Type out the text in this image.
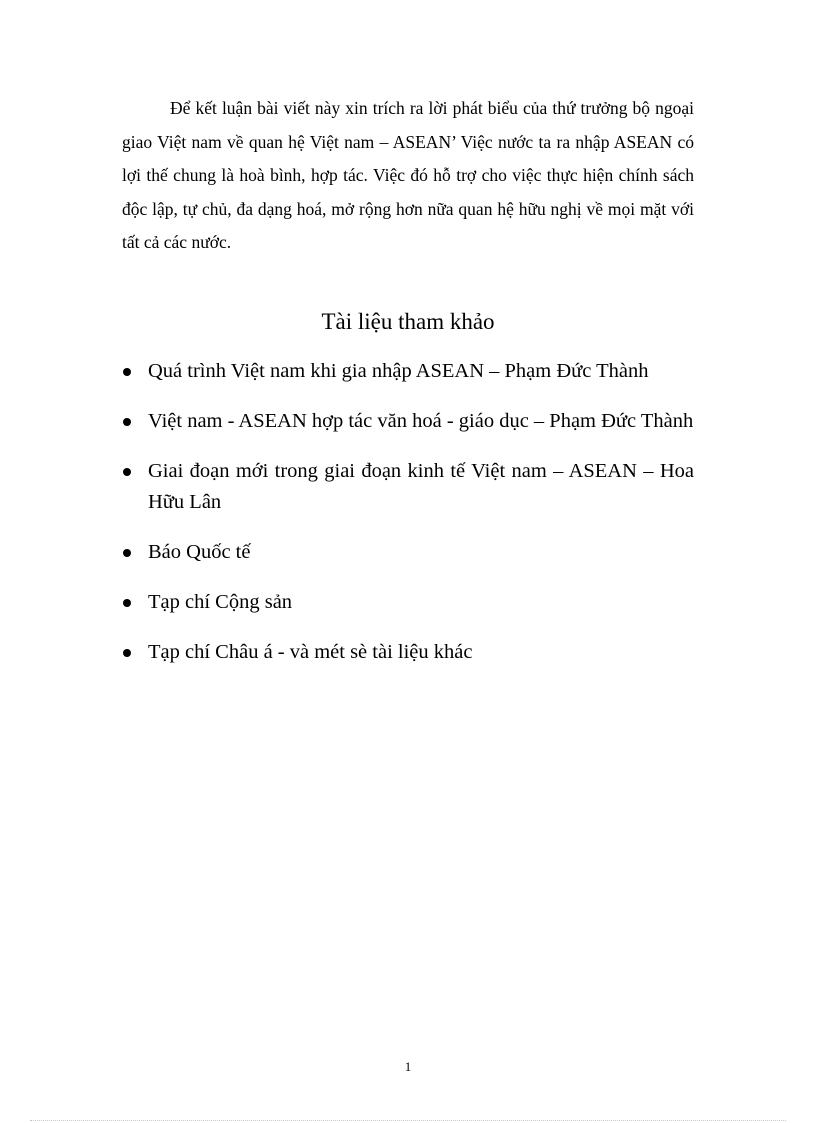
Để kết luận bài viết này xin trích ra lời phát biểu của thứ trưởng bộ ngoại giao Việt nam về quan hệ Việt nam – ASEAN’ Việc nước ta ra nhập ASEAN có lợi thế chung là hoà bình, hợp tác. Việc đó hỗ trợ cho việc thực hiện chính sách độc lập, tự chủ, đa dạng hoá, mở rộng hơn nữa quan hệ hữu nghị về mọi mặt với tất cả các nước.

Tài liệu tham khảo
Quá trình Việt nam khi gia nhập ASEAN – Phạm Đức Thành
Việt nam - ASEAN hợp tác văn hoá - giáo dục – Phạm Đức Thành
Giai đoạn mới trong giai đoạn kinh tế Việt nam – ASEAN – Hoa Hữu Lân
Báo Quốc tế
Tạp chí Cộng sản
Tạp chí Châu á - và mét sè tài liệu khác
1
